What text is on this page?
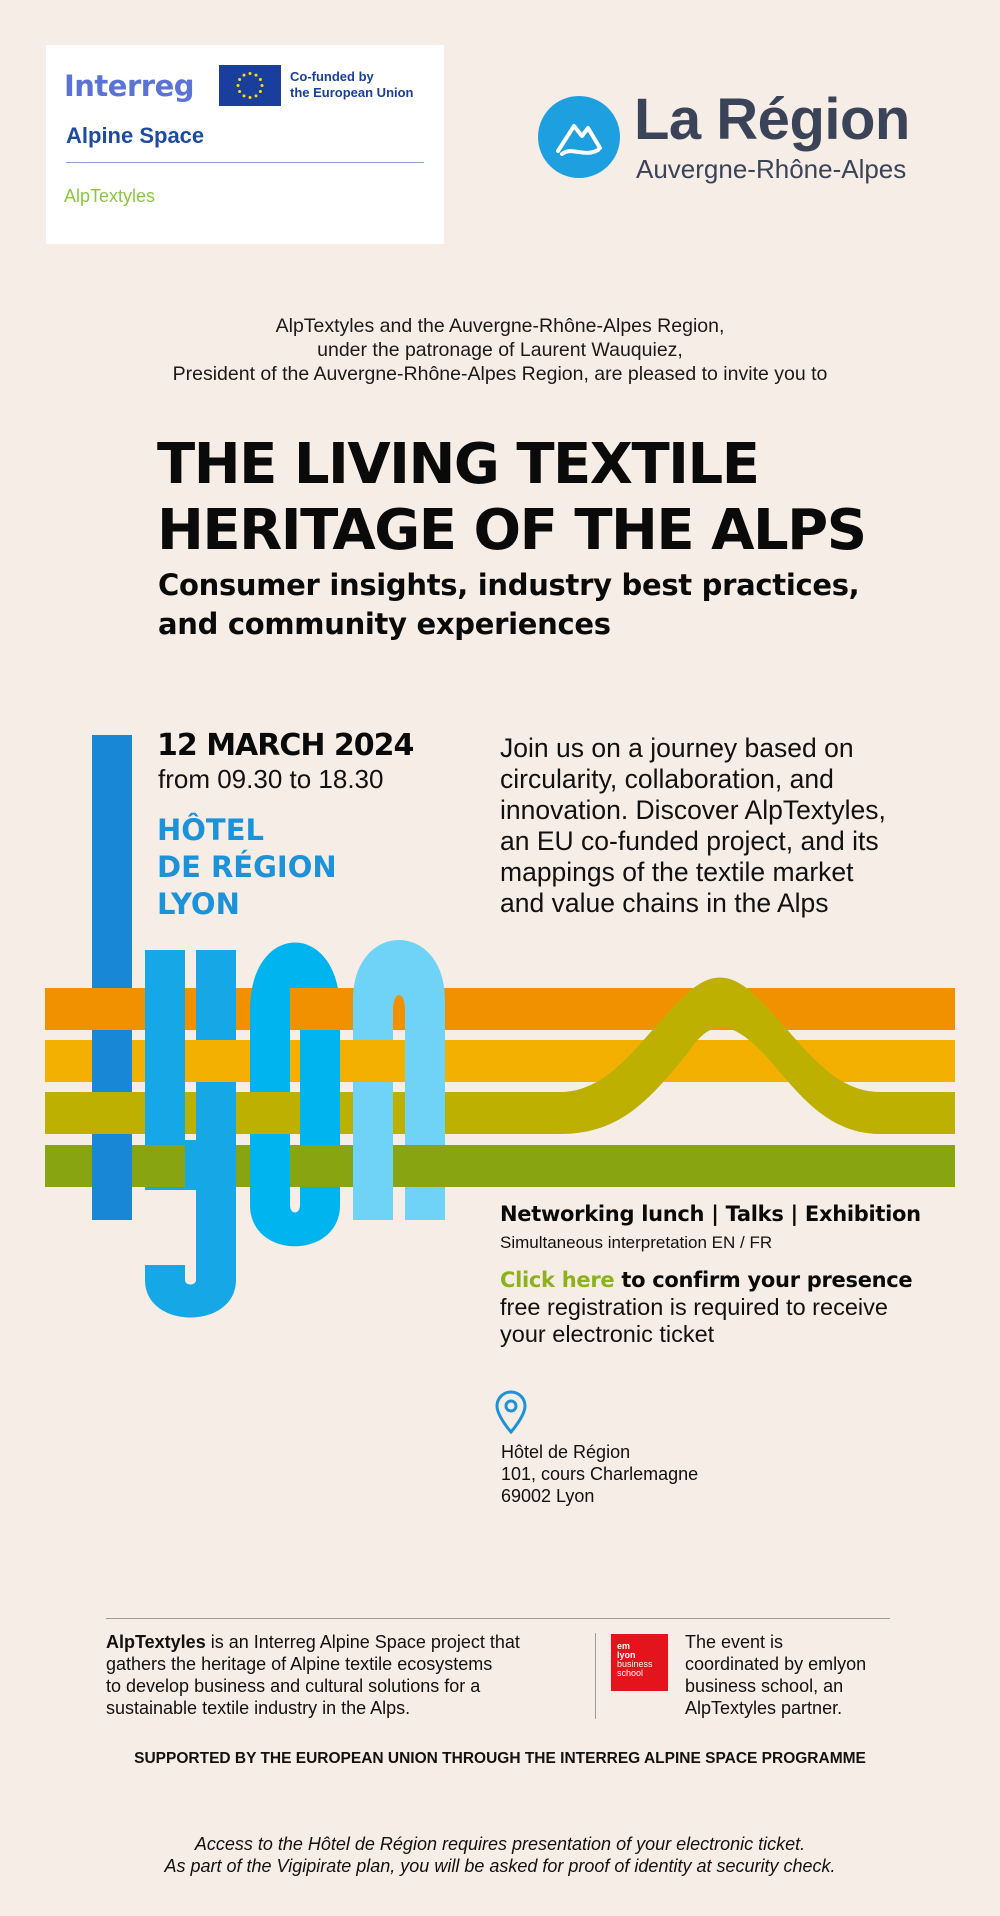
Interreg	Co-funded by
the European Union
Alpine Space
AlpTextyles
La Région
Auvergne-Rhône-Alpes
AlpTextyles and the Auvergne-Rhône-Alpes Region,
under the patronage of Laurent Wauquiez,
President of the Auvergne-Rhône-Alpes Region, are pleased to invite you to
THE LIVING TEXTILE
HERITAGE OF THE ALPS
Consumer insights, industry best practices,
and community experiences
12 MARCH 2024
from 09.30 to 18.30
HÔTEL
DE RÉGION
LYON
Join us on a journey based on
circularity, collaboration, and
innovation. Discover AlpTextyles,
an EU co-funded project, and its
mappings of the textile market
and value chains in the Alps
Networking lunch | Talks | Exhibition
Simultaneous interpretation EN / FR
Click here to confirm your presence
free registration is required to receive
your electronic ticket
Hôtel de Région
101, cours Charlemagne
69002 Lyon
AlpTextyles is an Interreg Alpine Space project that
gathers the heritage of Alpine textile ecosystems
to develop business and cultural solutions for a
sustainable textile industry in the Alps.
em
lyon
business
school
The event is
coordinated by emlyon
business school, an
AlpTextyles partner.
SUPPORTED BY THE EUROPEAN UNION THROUGH THE INTERREG ALPINE SPACE PROGRAMME
Access to the Hôtel de Région requires presentation of your electronic ticket.
As part of the Vigipirate plan, you will be asked for proof of identity at security check.
